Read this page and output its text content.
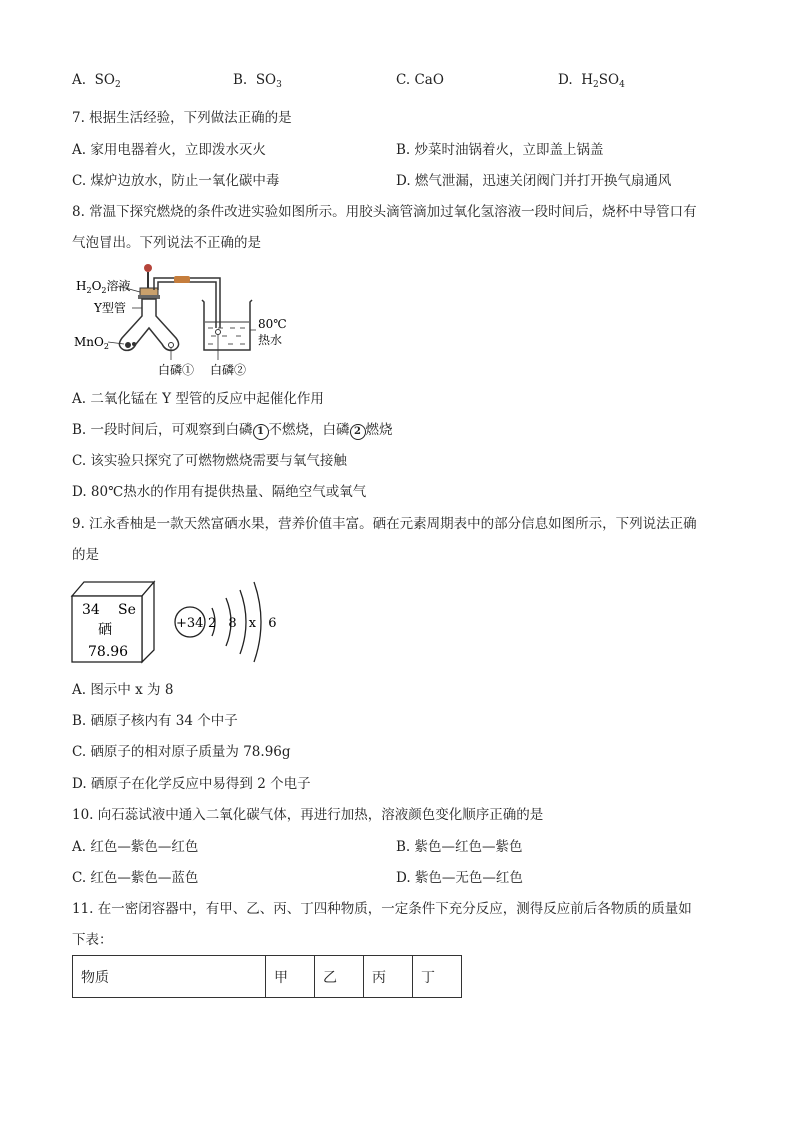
A. $SO_2$	B. $SO_3$	C. CaO	D. $H_2SO_4$
7. 根据生活经验，下列做法正确的是
A. 家用电器着火，立即泼水灭火	B. 炒菜时油锅着火，立即盖上锅盖
C. 煤炉边放水，防止一氧化碳中毒	D. 燃气泄漏，迅速关闭阀门并打开换气扇通风
8. 常温下探究燃烧的条件改进实验如图所示。用胶头滴管滴加过氧化氢溶液一段时间后，烧杯中导管口有
气泡冒出。下列说法不正确的是
$H_2O_2$溶液
Y型管
MnO$_2$
80℃
热水
白磷① 白磷②
A. 二氧化锰在 Y 型管的反应中起催化作用
B. 一段时间后，可观察到白磷 1 不燃烧，白磷 2 燃烧
C. 该实验只探究了可燃物燃烧需要与氧气接触
D. 80℃热水的作用有提供热量、隔绝空气或氧气
9. 江永香柚是一款天然富硒水果，营养价值丰富。硒在元素周期表中的部分信息如图所示，下列说法正确
的是
34 Se
硒
78.96
+34 2 8 x 6
A. 图示中 x 为 8
B. 硒原子核内有 34 个中子
C. 硒原子的相对原子质量为 78.96g
D. 硒原子在化学反应中易得到 2 个电子
10. 向石蕊试液中通入二氧化碳气体，再进行加热，溶液颜色变化顺序正确的是
A. 红色—紫色—红色	B. 紫色—红色—紫色
C. 红色—紫色—蓝色	D. 紫色—无色—红色
11. 在一密闭容器中，有甲、乙、丙、丁四种物质，一定条件下充分反应，测得反应前后各物质的质量如
下表：
物质	甲	乙	丙	丁
